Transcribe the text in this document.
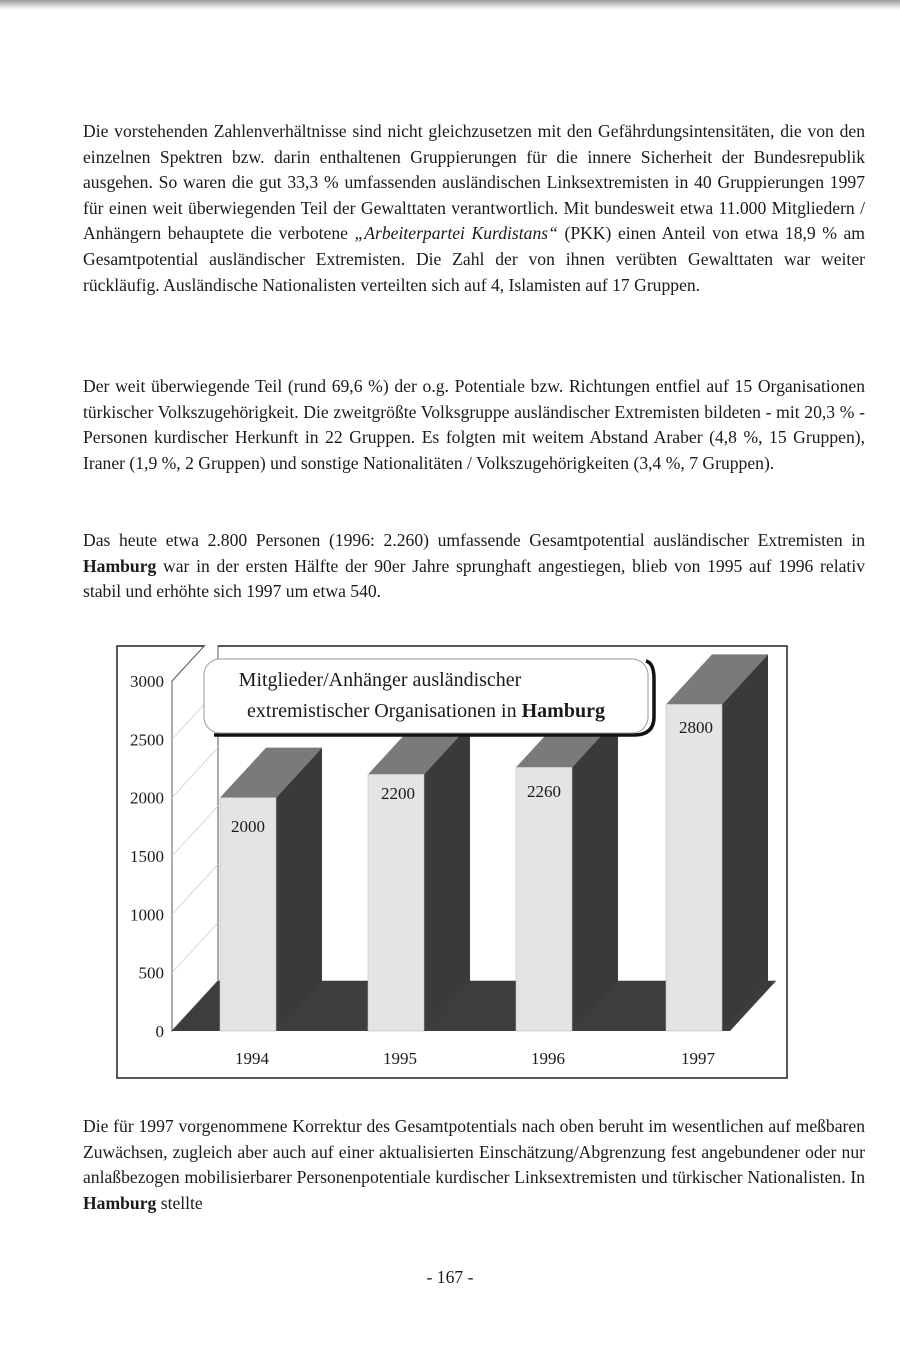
Die vorstehenden Zahlenverhältnisse sind nicht gleichzusetzen mit den Gefährdungsintensitäten, die von den einzelnen Spektren bzw. darin enthaltenen Gruppierungen für die innere Sicherheit der Bundesrepublik ausgehen. So waren die gut 33,3 % umfassenden ausländischen Linksextremisten in 40 Gruppierungen 1997 für einen weit überwiegenden Teil der Gewalttaten verantwortlich. Mit bundesweit etwa 11.000 Mitgliedern / Anhängern behauptete die verbotene „Arbeiterpartei Kurdistans“ (PKK) einen Anteil von etwa 18,9 % am Gesamtpotential ausländischer Extremisten. Die Zahl der von ihnen verübten Gewalttaten war weiter rückläufig. Ausländische Nationalisten verteilten sich auf 4, Islamisten auf 17 Gruppen.

Der weit überwiegende Teil (rund 69,6 %) der o.g. Potentiale bzw. Richtungen entfiel auf 15 Organisationen türkischer Volkszugehörigkeit. Die zweitgrößte Volksgruppe ausländischer Extremisten bildeten - mit 20,3 % - Personen kurdischer Herkunft in 22 Gruppen. Es folgten mit weitem Abstand Araber (4,8 %, 15 Gruppen), Iraner (1,9 %, 2 Gruppen) und sonstige Nationalitäten / Volkszugehörigkeiten (3,4 %, 7 Gruppen).

Das heute etwa 2.800 Personen (1996: 2.260) umfassende Gesamtpotential ausländischer Extremisten in Hamburg war in der ersten Hälfte der 90er Jahre sprunghaft angestiegen, blieb von 1995 auf 1996 relativ stabil und erhöhte sich 1997 um etwa 540.

0
500
1000
1500
2000
2500
3000
2000
1994
2200
1995
2260
1996
2800
1997
Mitglieder/Anhänger ausländischer
extremistischer Organisationen in Hamburg

Die für 1997 vorgenommene Korrektur des Gesamtpotentials nach oben beruht im wesentlichen auf meßbaren Zuwächsen, zugleich aber auch auf einer aktualisierten Einschätzung/Abgrenzung fest angebundener oder nur anlaßbezogen mobilisierbarer Personenpotentiale kurdischer Linksextremisten und türkischer Nationalisten. In Hamburg stellte

- 167 -
